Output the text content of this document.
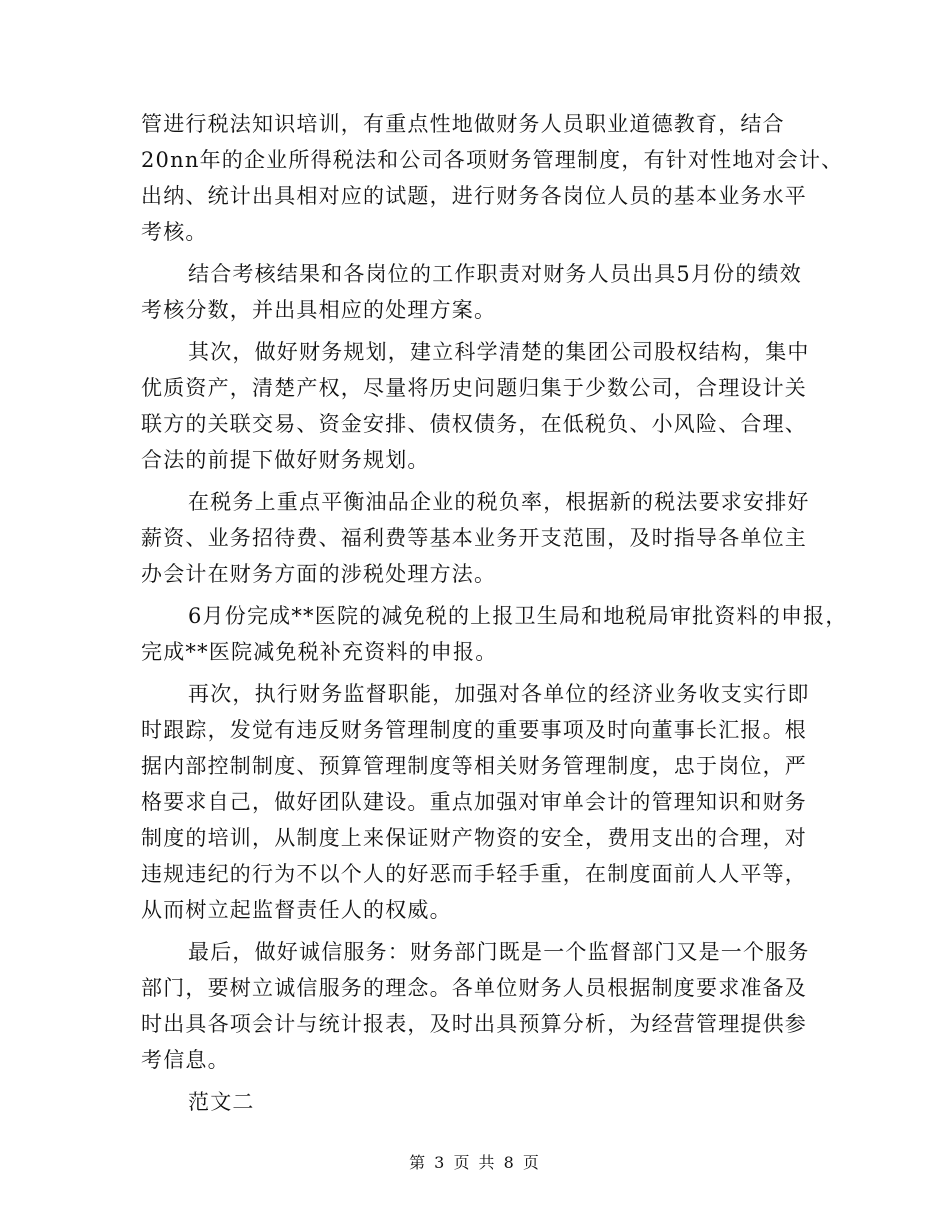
管进行税法知识培训，有重点性地做财务人员职业道德教育，结合
20nn年的企业所得税法和公司各项财务管理制度，有针对性地对会计、
出纳、统计出具相对应的试题，进行财务各岗位人员的基本业务水平
考核。
结合考核结果和各岗位的工作职责对财务人员出具5月份的绩效
考核分数，并出具相应的处理方案。
其次，做好财务规划，建立科学清楚的集团公司股权结构，集中
优质资产，清楚产权，尽量将历史问题归集于少数公司，合理设计关
联方的关联交易、资金安排、债权债务，在低税负、小风险、合理、
合法的前提下做好财务规划。
在税务上重点平衡油品企业的税负率，根据新的税法要求安排好
薪资、业务招待费、福利费等基本业务开支范围，及时指导各单位主
办会计在财务方面的涉税处理方法。
6月份完成**医院的减免税的上报卫生局和地税局审批资料的申报，
完成**医院减免税补充资料的申报。
再次，执行财务监督职能，加强对各单位的经济业务收支实行即
时跟踪，发觉有违反财务管理制度的重要事项及时向董事长汇报。根
据内部控制制度、预算管理制度等相关财务管理制度，忠于岗位，严
格要求自己，做好团队建设。重点加强对审单会计的管理知识和财务
制度的培训，从制度上来保证财产物资的安全，费用支出的合理，对
违规违纪的行为不以个人的好恶而手轻手重，在制度面前人人平等，
从而树立起监督责任人的权威。
最后，做好诚信服务：财务部门既是一个监督部门又是一个服务
部门，要树立诚信服务的理念。各单位财务人员根据制度要求准备及
时出具各项会计与统计报表，及时出具预算分析，为经营管理提供参
考信息。
范文二
第 3 页 共 8 页
